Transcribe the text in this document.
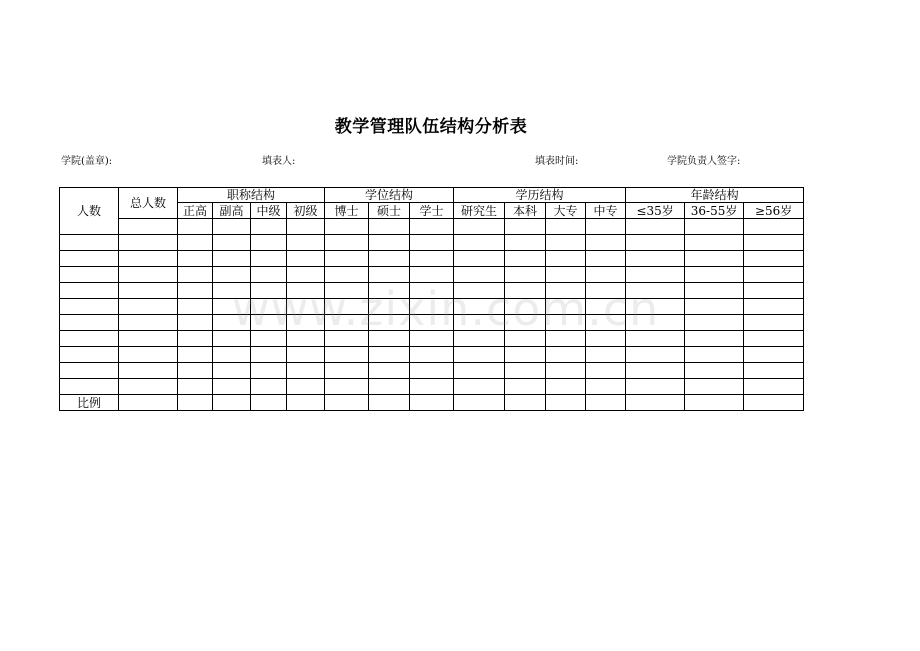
教学管理队伍结构分析表
学院(盖章):	填表人:	填表时间:	学院负责人签字:
人数	总人数	职称结构				学位结构			学历结构				年龄结构		
		正高	副高	中级	初级	博士	硕士	学士	研究生	本科	大专	中专	≤35岁	36-55岁	≥56岁

比例															
www.zixin.com.cn
